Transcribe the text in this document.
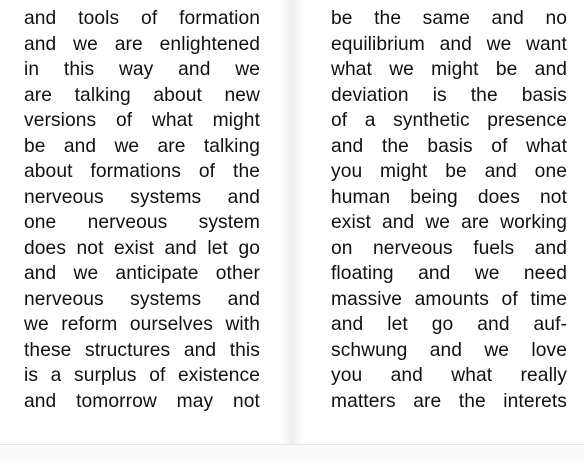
and tools of formation
and we are enlightened
in this way and we
are talking about new
versions of what might
be and we are talking
about formations of the
nerveous systems and
one nerveous system
does not exist and let go
and we anticipate other
nerveous systems and
we reform ourselves with
these structures and this
is a surplus of existence
and tomorrow may not
be the same and no
equilibrium and we want
what we might be and
deviation is the basis
of a synthetic presence
and the basis of what
you might be and one
human being does not
exist and we are working
on nerveous fuels and
floating and we need
massive amounts of time
and let go and auf-
schwung and we love
you and what really
matters are the interets
